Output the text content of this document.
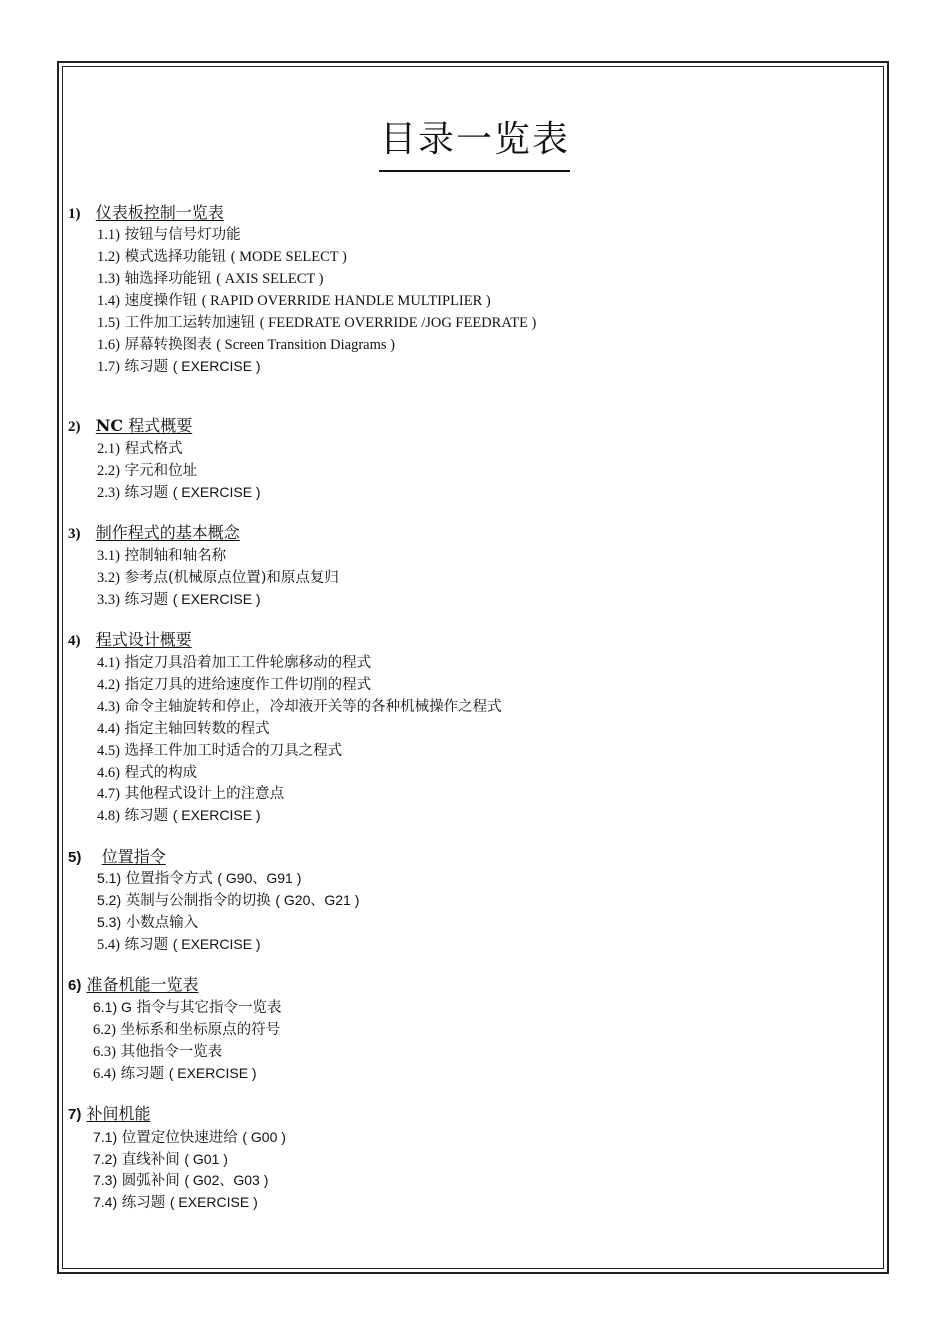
目录一览表
1) 仪表板控制一览表
1.1) 按钮与信号灯功能
1.2) 模式选择功能钮 ( MODE SELECT )
1.3) 轴选择功能钮 ( AXIS SELECT )
1.4) 速度操作钮 ( RAPID OVERRIDE HANDLE MULTIPLIER )
1.5) 工件加工运转加速钮 ( FEEDRATE OVERRIDE /JOG FEEDRATE )
1.6) 屏幕转换图表 ( Screen Transition Diagrams )
1.7) 练习题 ( EXERCISE )
2) NC 程式概要
2.1) 程式格式
2.2) 字元和位址
2.3) 练习题 ( EXERCISE )
3) 制作程式的基本概念
3.1) 控制轴和轴名称
3.2) 参考点(机械原点位置)和原点复归
3.3) 练习题 ( EXERCISE )
4) 程式设计概要
4.1) 指定刀具沿着加工工件轮廓移动的程式
4.2) 指定刀具的进给速度作工件切削的程式
4.3) 命令主轴旋转和停止，冷却液开关等的各种机械操作之程式
4.4) 指定主轴回转数的程式
4.5) 选择工件加工时适合的刀具之程式
4.6) 程式的构成
4.7) 其他程式设计上的注意点
4.8) 练习题 ( EXERCISE )
5) 位置指令
5.1) 位置指令方式 ( G90、G91 )
5.2) 英制与公制指令的切换 ( G20、G21 )
5.3) 小数点输入
5.4) 练习题 ( EXERCISE )
6) 准备机能一览表
6.1) G 指令与其它指令一览表
6.2) 坐标系和坐标原点的符号
6.3) 其他指令一览表
6.4) 练习题 ( EXERCISE )
7) 补间机能
7.1) 位置定位快速进给 ( G00 )
7.2) 直线补间 ( G01 )
7.3) 圆弧补间 ( G02、G03 )
7.4) 练习题 ( EXERCISE )
